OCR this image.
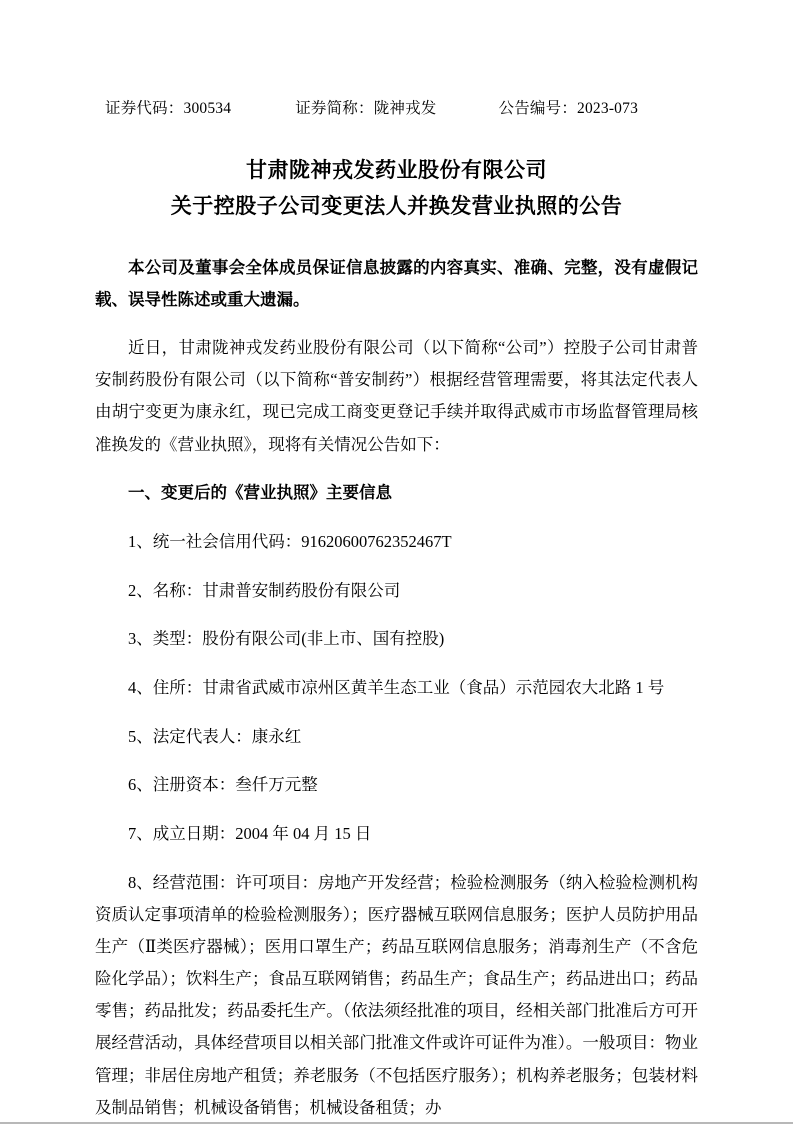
证券代码：300534	证券简称：陇神戎发	公告编号：2023-073
甘肃陇神戎发药业股份有限公司
关于控股子公司变更法人并换发营业执照的公告

本公司及董事会全体成员保证信息披露的内容真实、准确、完整，没有虚假记载、误导性陈述或重大遗漏。

近日，甘肃陇神戎发药业股份有限公司（以下简称“公司”）控股子公司甘肃普安制药股份有限公司（以下简称“普安制药”）根据经营管理需要，将其法定代表人由胡宁变更为康永红，现已完成工商变更登记手续并取得武威市市场监督管理局核准换发的《营业执照》，现将有关情况公告如下：

一、变更后的《营业执照》主要信息

1、统一社会信用代码：91620600762352467T

2、名称：甘肃普安制药股份有限公司

3、类型：股份有限公司(非上市、国有控股)

4、住所：甘肃省武威市凉州区黄羊生态工业（食品）示范园农大北路 1 号

5、法定代表人：康永红

6、注册资本：叁仟万元整

7、成立日期：2004 年 04 月 15 日

8、经营范围：许可项目：房地产开发经营；检验检测服务（纳入检验检测机构资质认定事项清单的检验检测服务）；医疗器械互联网信息服务；医护人员防护用品生产（Ⅱ类医疗器械）；医用口罩生产；药品互联网信息服务；消毒剂生产（不含危险化学品）；饮料生产；食品互联网销售；药品生产；食品生产；药品进出口；药品零售；药品批发；药品委托生产。（依法须经批准的项目，经相关部门批准后方可开展经营活动，具体经营项目以相关部门批准文件或许可证件为准）。一般项目：物业管理；非居住房地产租赁；养老服务（不包括医疗服务）；机构养老服务；包装材料及制品销售；机械设备销售；机械设备租赁；办
